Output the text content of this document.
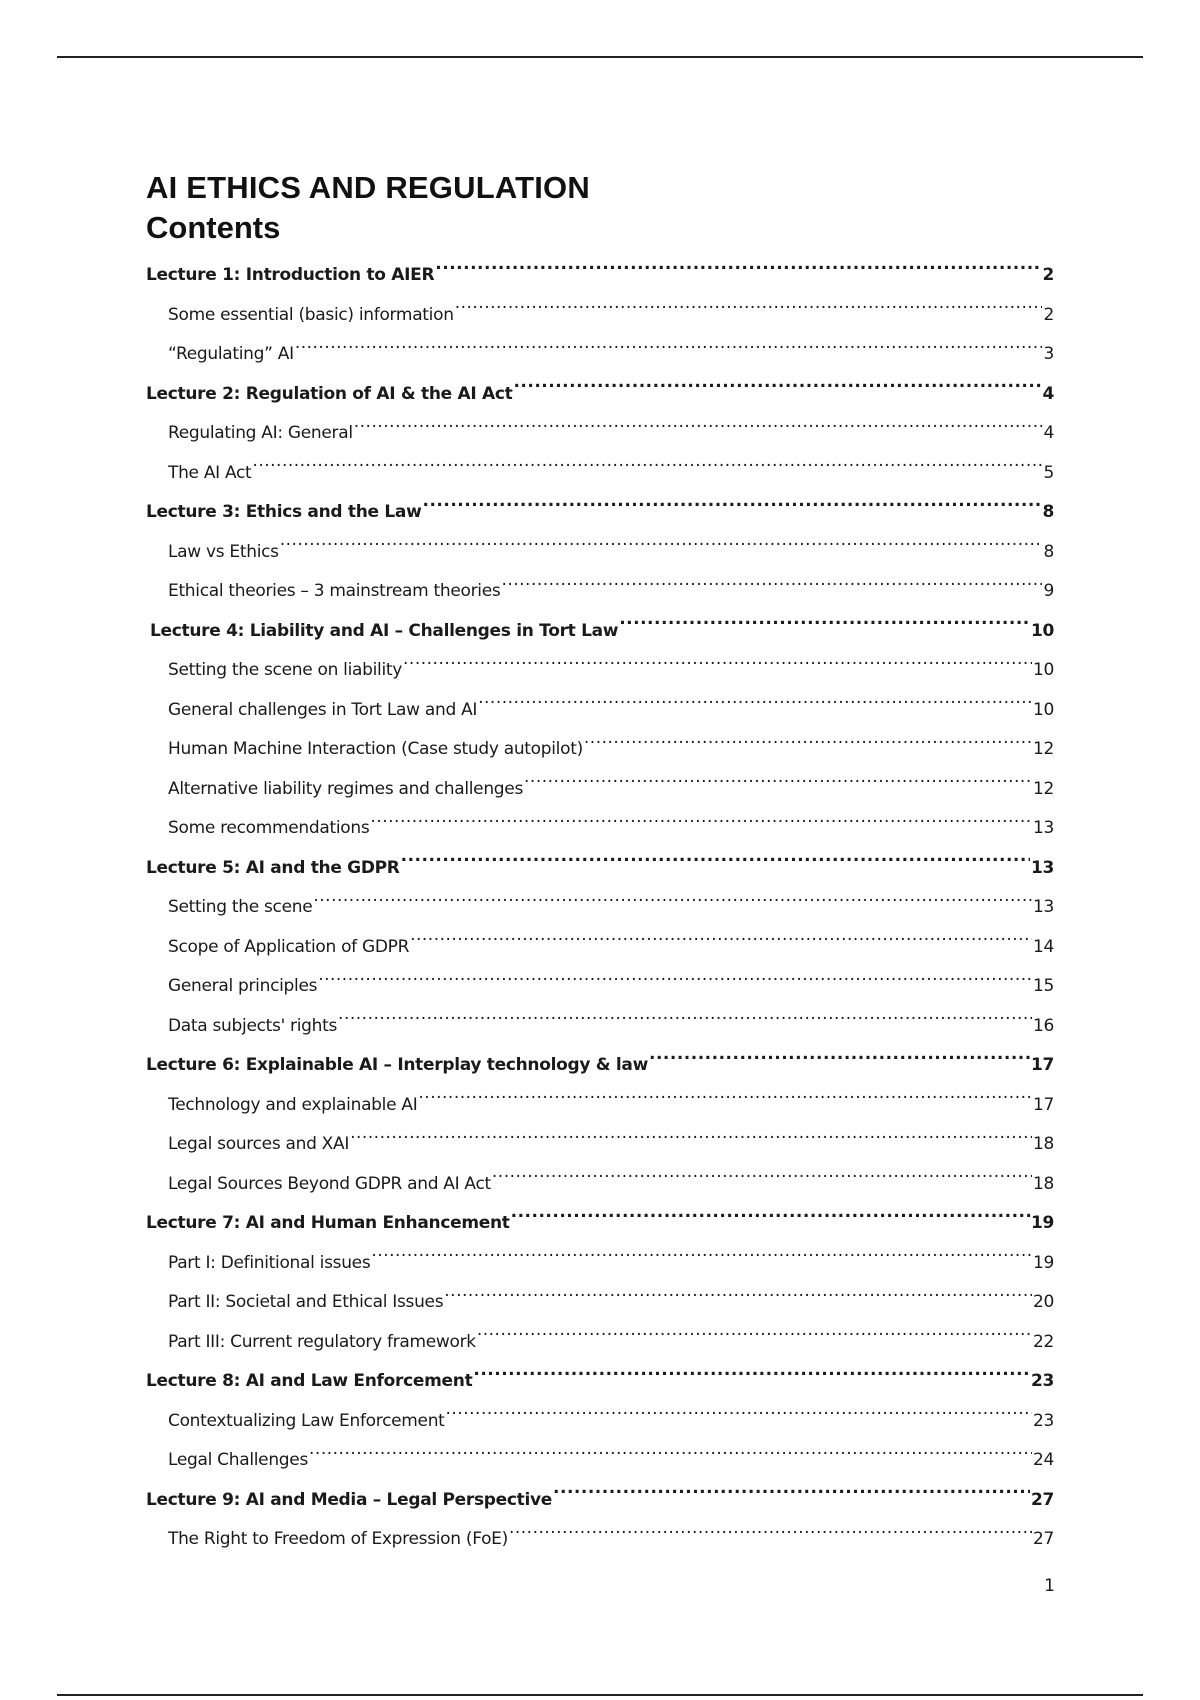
AI ETHICS AND REGULATION
Contents
Lecture 1: Introduction to AIER .....	2
Some essential (basic) information .....	2
“Regulating” AI .....	3
Lecture 2: Regulation of AI & the AI Act .....	4
Regulating AI: General .....	4
The AI Act .....	5
Lecture 3: Ethics and the Law .....	8
Law vs Ethics .....	8
Ethical theories – 3 mainstream theories .....	9
Lecture 4: Liability and AI – Challenges in Tort Law .....	10
Setting the scene on liability .....	10
General challenges in Tort Law and AI .....	10
Human Machine Interaction (Case study autopilot) .....	12
Alternative liability regimes and challenges .....	12
Some recommendations .....	13
Lecture 5: AI and the GDPR .....	13
Setting the scene .....	13
Scope of Application of GDPR .....	14
General principles .....	15
Data subjects' rights .....	16
Lecture 6: Explainable AI – Interplay technology & law .....	17
Technology and explainable AI .....	17
Legal sources and XAI .....	18
Legal Sources Beyond GDPR and AI Act .....	18
Lecture 7: AI and Human Enhancement .....	19
Part I: Definitional issues .....	19
Part II: Societal and Ethical Issues .....	20
Part III: Current regulatory framework .....	22
Lecture 8: AI and Law Enforcement .....	23
Contextualizing Law Enforcement .....	23
Legal Challenges .....	24
Lecture 9: AI and Media – Legal Perspective .....	27
The Right to Freedom of Expression (FoE) .....	27
1
